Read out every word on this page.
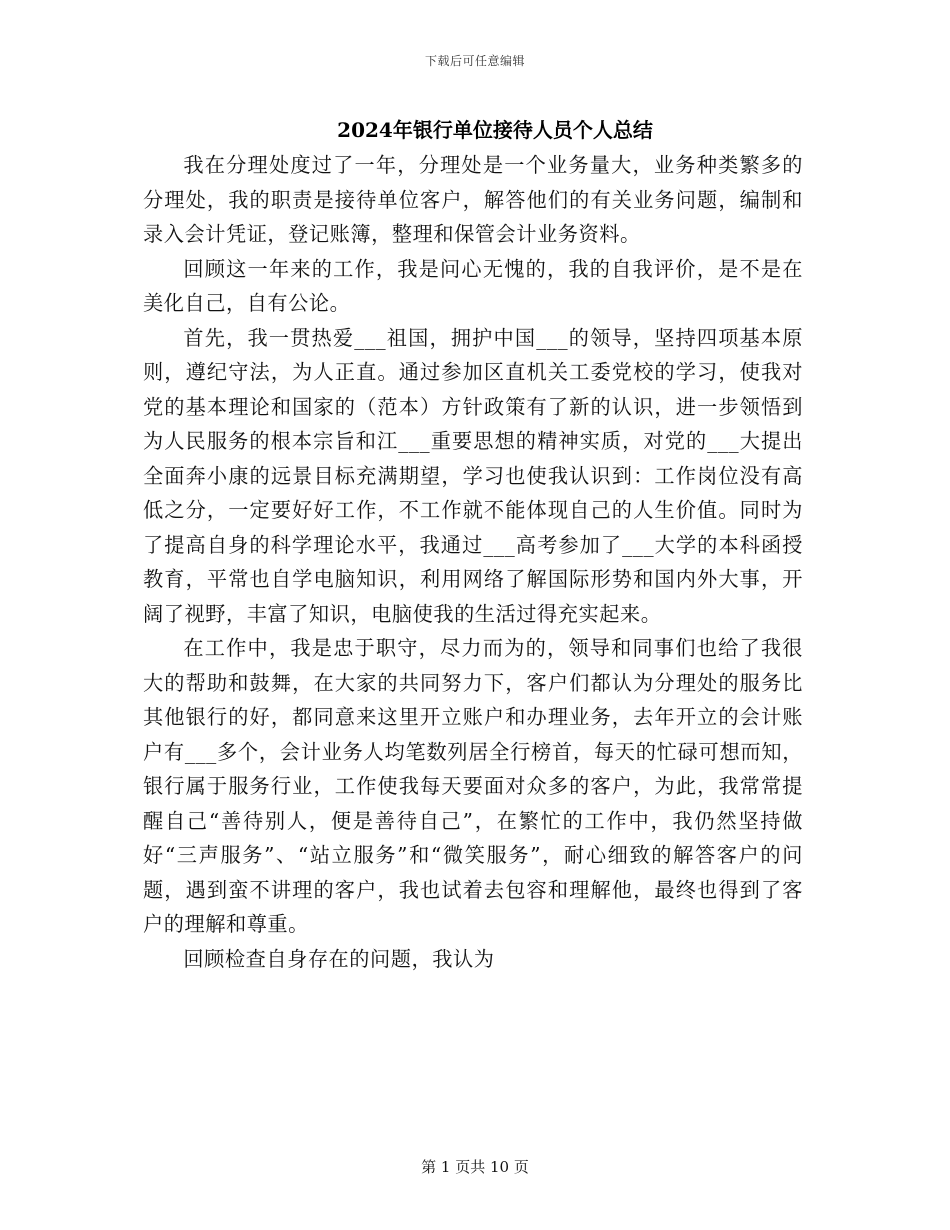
下载后可任意编辑
2024年银行单位接待人员个人总结

我在分理处度过了一年，分理处是一个业务量大，业务种类繁多的分理处，我的职责是接待单位客户，解答他们的有关业务问题，编制和录入会计凭证，登记账簿，整理和保管会计业务资料。

回顾这一年来的工作，我是问心无愧的，我的自我评价，是不是在美化自己，自有公论。

首先，我一贯热爱___祖国，拥护中国___的领导，坚持四项基本原则，遵纪守法，为人正直。通过参加区直机关工委党校的学习，使我对党的基本理论和国家的（范本）方针政策有了新的认识，进一步领悟到为人民服务的根本宗旨和江___重要思想的精神实质，对党的___大提出全面奔小康的远景目标充满期望，学习也使我认识到：工作岗位没有高低之分，一定要好好工作，不工作就不能体现自己的人生价值。同时为了提高自身的科学理论水平，我通过___高考参加了___大学的本科函授教育，平常也自学电脑知识，利用网络了解国际形势和国内外大事，开阔了视野，丰富了知识，电脑使我的生活过得充实起来。

在工作中，我是忠于职守，尽力而为的，领导和同事们也给了我很大的帮助和鼓舞，在大家的共同努力下，客户们都认为分理处的服务比其他银行的好，都同意来这里开立账户和办理业务，去年开立的会计账户有___多个，会计业务人均笔数列居全行榜首，每天的忙碌可想而知，银行属于服务行业，工作使我每天要面对众多的客户，为此，我常常提醒自己“善待别人，便是善待自己”，在繁忙的工作中，我仍然坚持做好“三声服务”、“站立服务”和“微笑服务”，耐心细致的解答客户的问题，遇到蛮不讲理的客户，我也试着去包容和理解他，最终也得到了客户的理解和尊重。

回顾检查自身存在的问题，我认为

第 1 页共 10 页
